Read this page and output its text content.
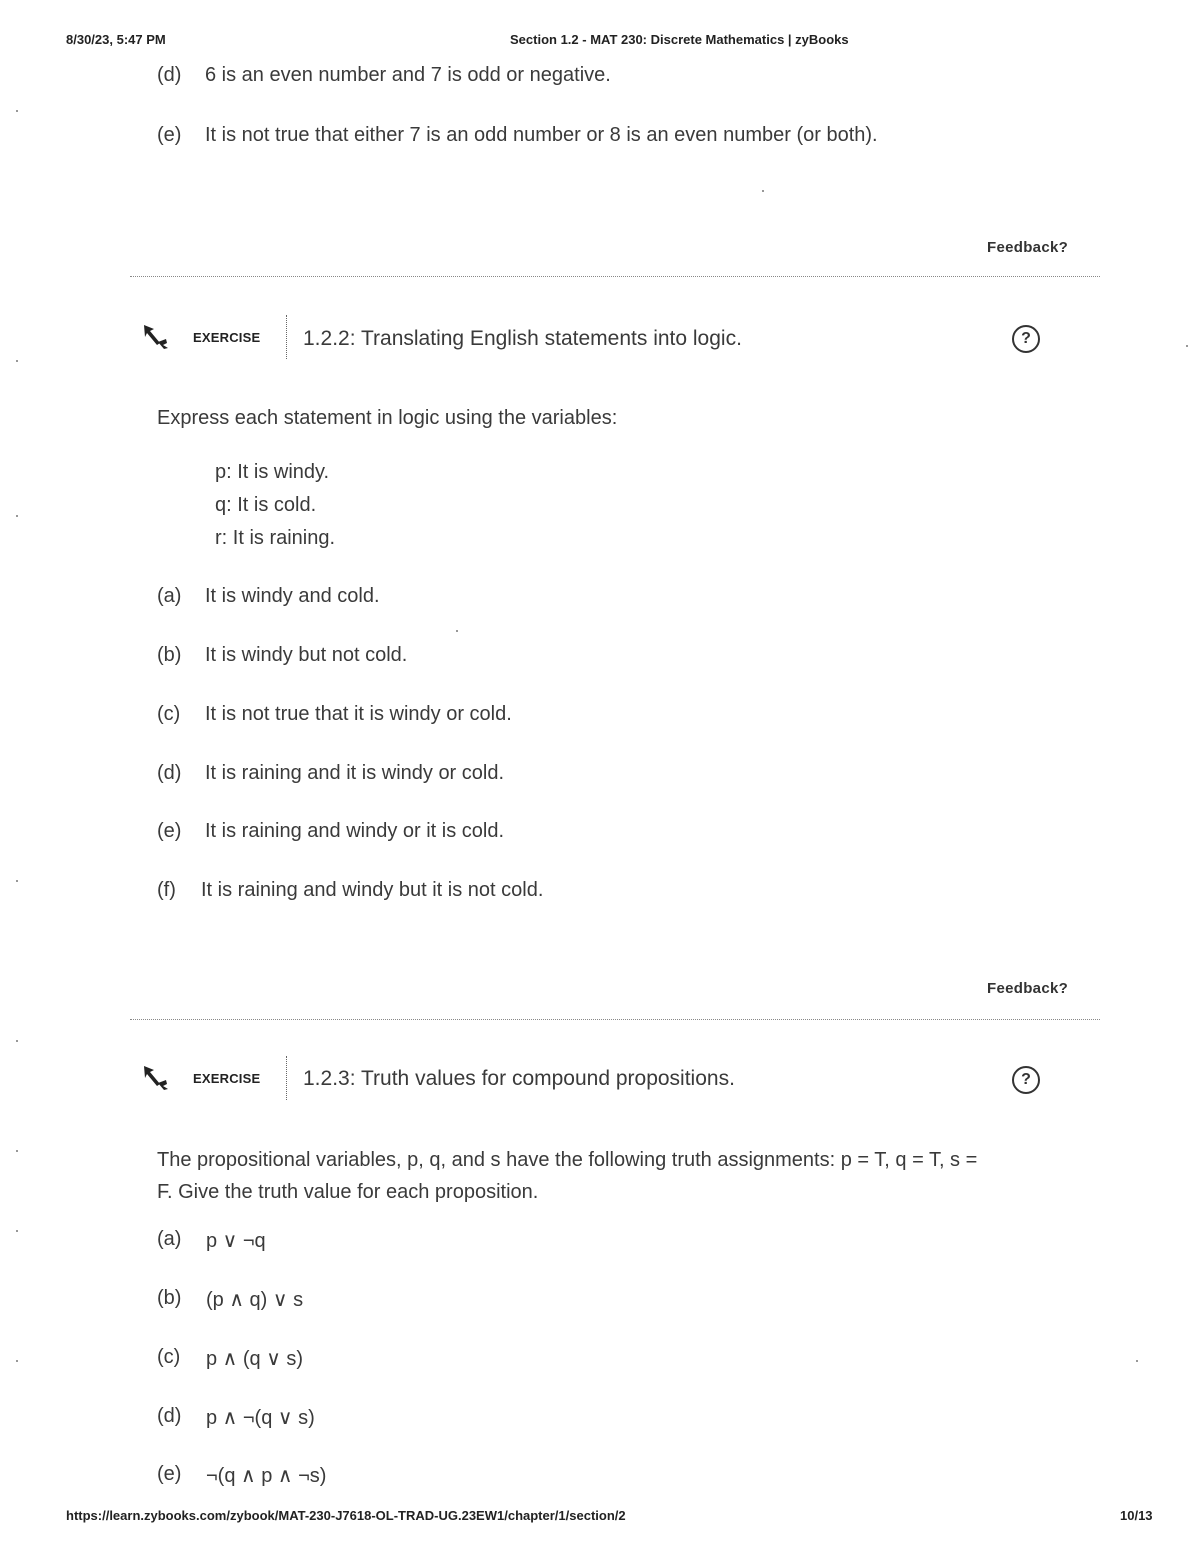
8/30/23, 5:47 PM	Section 1.2 - MAT 230: Discrete Mathematics | zyBooks
(d) 6 is an even number and 7 is odd or negative.
(e) It is not true that either 7 is an odd number or 8 is an even number (or both).
Feedback?
EXERCISE 1.2.2: Translating English statements into logic.	?
Express each statement in logic using the variables:
p: It is windy.
q: It is cold.
r: It is raining.
(a) It is windy and cold.
(b) It is windy but not cold.
(c) It is not true that it is windy or cold.
(d) It is raining and it is windy or cold.
(e) It is raining and windy or it is cold.
(f) It is raining and windy but it is not cold.
Feedback?
EXERCISE 1.2.3: Truth values for compound propositions.	?
The propositional variables, p, q, and s have the following truth assignments: p = T, q = T, s =
F. Give the truth value for each proposition.
(a) p ∨ ¬q
(b) (p ∧ q) ∨ s
(c) p ∧ (q ∨ s)
(d) p ∧ ¬(q ∨ s)
(e) ¬(q ∧ p ∧ ¬s)
https://learn.zybooks.com/zybook/MAT-230-J7618-OL-TRAD-UG.23EW1/chapter/1/section/2	10/13
